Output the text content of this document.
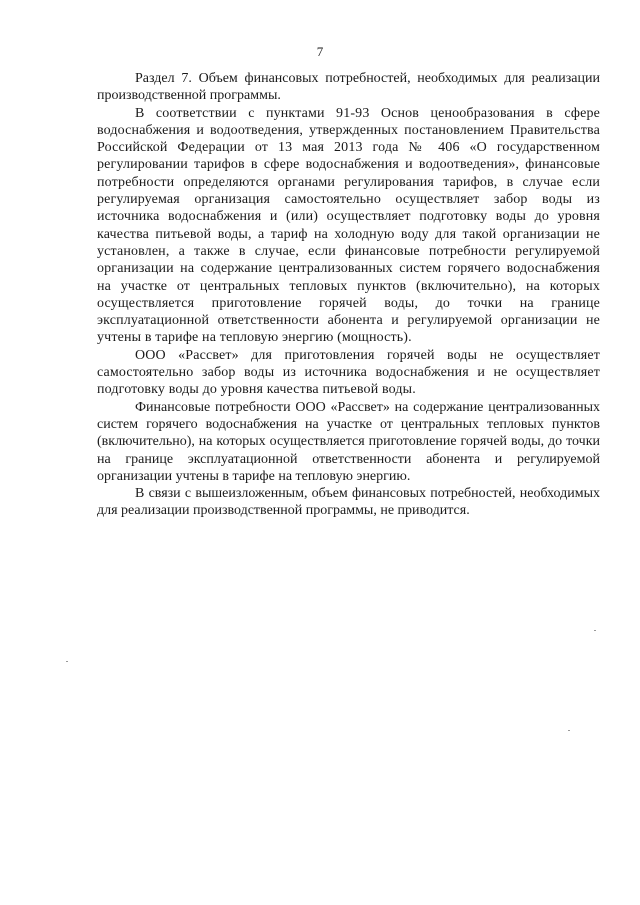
7

Раздел 7. Объем финансовых потребностей, необходимых для реализации производственной программы.

В соответствии с пунктами 91-93 Основ ценообразования в сфере водоснабжения и водоотведения, утвержденных постановлением Правительства Российской Федерации от 13 мая 2013 года № 406 «О государственном регулировании тарифов в сфере водоснабжения и водоотведения», финансовые потребности определяются органами регулирования тарифов, в случае если регулируемая организация самостоятельно осуществляет забор воды из источника водоснабжения и (или) осуществляет подготовку воды до уровня качества питьевой воды, а тариф на холодную воду для такой организации не установлен, а также в случае, если финансовые потребности регулируемой организации на содержание централизованных систем горячего водоснабжения на участке от центральных тепловых пунктов (включительно), на которых осуществляется приготовление горячей воды, до точки на границе эксплуатационной ответственности абонента и регулируемой организации не учтены в тарифе на тепловую энергию (мощность).

ООО «Рассвет» для приготовления горячей воды не осуществляет самостоятельно забор воды из источника водоснабжения и не осуществляет подготовку воды до уровня качества питьевой воды.

Финансовые потребности ООО «Рассвет» на содержание централизованных систем горячего водоснабжения на участке от центральных тепловых пунктов (включительно), на которых осуществляется приготовление горячей воды, до точки на границе эксплуатационной ответственности абонента и регулируемой организации учтены в тарифе на тепловую энергию.

В связи с вышеизложенным, объем финансовых потребностей, необходимых для реализации производственной программы, не приводится.
